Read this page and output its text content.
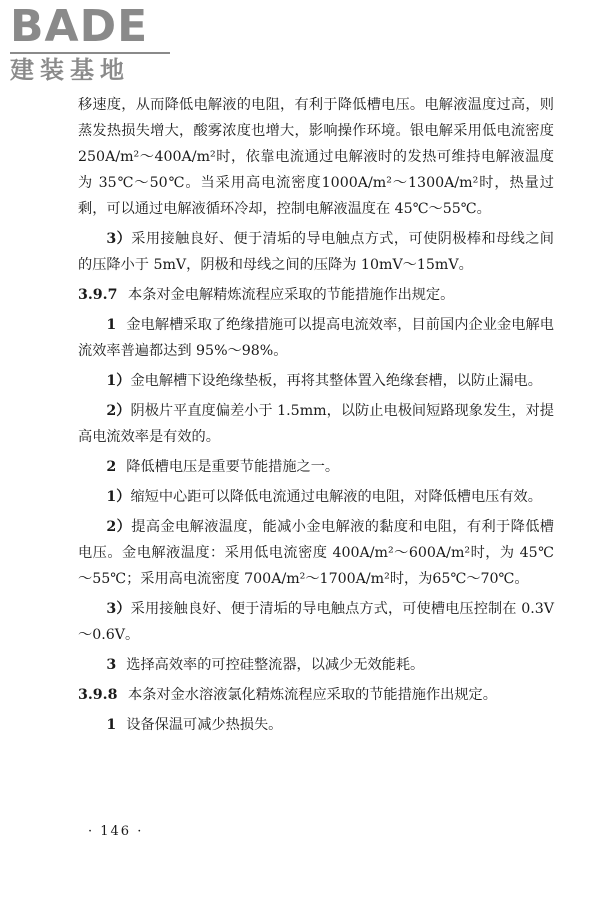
BADE
建装基地

移速度，从而降低电解液的电阻，有利于降低槽电压。电解液温度过高，则蒸发热损失增大，酸雾浓度也增大，影响操作环境。银电解采用低电流密度 250A/m²～400A/m²时，依靠电流通过电解液时的发热可维持电解液温度为 35℃～50℃。当采用高电流密度1000A/m²～1300A/m²时，热量过剩，可以通过电解液循环冷却，控制电解液温度在 45℃～55℃。

3）采用接触良好、便于清垢的导电触点方式，可使阴极棒和母线之间的压降小于 5mV，阴极和母线之间的压降为 10mV～15mV。

3.9.7 本条对金电解精炼流程应采取的节能措施作出规定。

1 金电解槽采取了绝缘措施可以提高电流效率，目前国内企业金电解电流效率普遍都达到 95%～98%。

1）金电解槽下设绝缘垫板，再将其整体置入绝缘套槽，以防止漏电。

2）阴极片平直度偏差小于 1.5mm，以防止电极间短路现象发生，对提高电流效率是有效的。

2 降低槽电压是重要节能措施之一。

1）缩短中心距可以降低电流通过电解液的电阻，对降低槽电压有效。

2）提高金电解液温度，能减小金电解液的黏度和电阻，有利于降低槽电压。金电解液温度：采用低电流密度 400A/m²～600A/m²时，为 45℃～55℃；采用高电流密度 700A/m²～1700A/m²时，为65℃～70℃。

3）采用接触良好、便于清垢的导电触点方式，可使槽电压控制在 0.3V～0.6V。

3 选择高效率的可控硅整流器，以减少无效能耗。

3.9.8 本条对金水溶液氯化精炼流程应采取的节能措施作出规定。

1 设备保温可减少热损失。

· 146 ·
